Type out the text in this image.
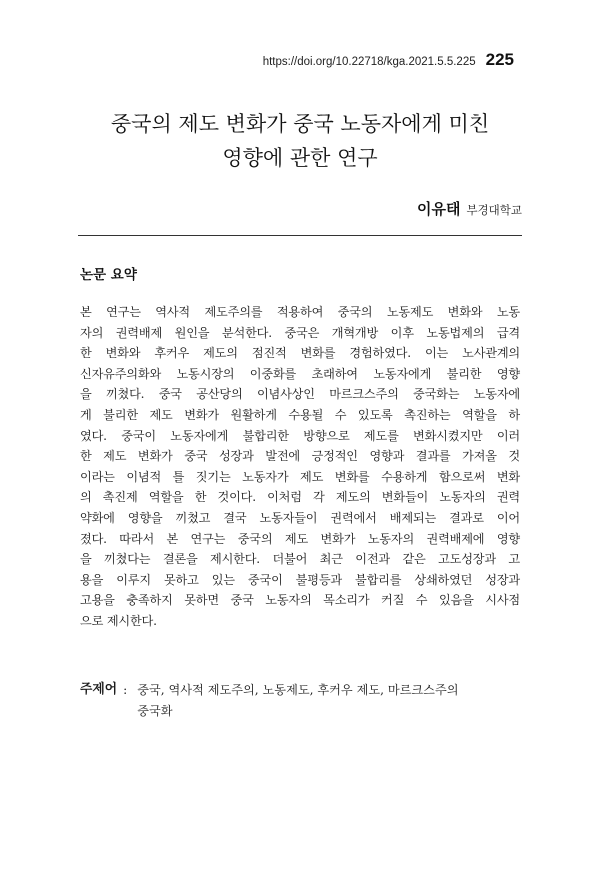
https://doi.org/10.22718/kga.2021.5.5.225 225
중국의 제도 변화가 중국 노동자에게 미친
영향에 관한 연구
이유태 부경대학교
논문 요약
본 연구는 역사적 제도주의를 적용하여 중국의 노동제도 변화와 노동
자의 권력배제 원인을 분석한다. 중국은 개혁개방 이후 노동법제의 급격
한 변화와 후커우 제도의 점진적 변화를 경험하였다. 이는 노사관계의
신자유주의화와 노동시장의 이중화를 초래하여 노동자에게 불리한 영향
을 끼쳤다. 중국 공산당의 이념사상인 마르크스주의 중국화는 노동자에
게 불리한 제도 변화가 원활하게 수용될 수 있도록 촉진하는 역할을 하
였다. 중국이 노동자에게 불합리한 방향으로 제도를 변화시켰지만 이러
한 제도 변화가 중국 성장과 발전에 긍정적인 영향과 결과를 가져올 것
이라는 이념적 틀 짓기는 노동자가 제도 변화를 수용하게 함으로써 변화
의 촉진제 역할을 한 것이다. 이처럼 각 제도의 변화들이 노동자의 권력
약화에 영향을 끼쳤고 결국 노동자들이 권력에서 배제되는 결과로 이어
졌다. 따라서 본 연구는 중국의 제도 변화가 노동자의 권력배제에 영향
을 끼쳤다는 결론을 제시한다. 더불어 최근 이전과 같은 고도성장과 고
용을 이루지 못하고 있는 중국이 불평등과 불합리를 상쇄하였던 성장과
고용을 충족하지 못하면 중국 노동자의 목소리가 커질 수 있음을 시사점
으로 제시한다.
주제어 : 중국, 역사적 제도주의, 노동제도, 후커우 제도, 마르크스주의
중국화
